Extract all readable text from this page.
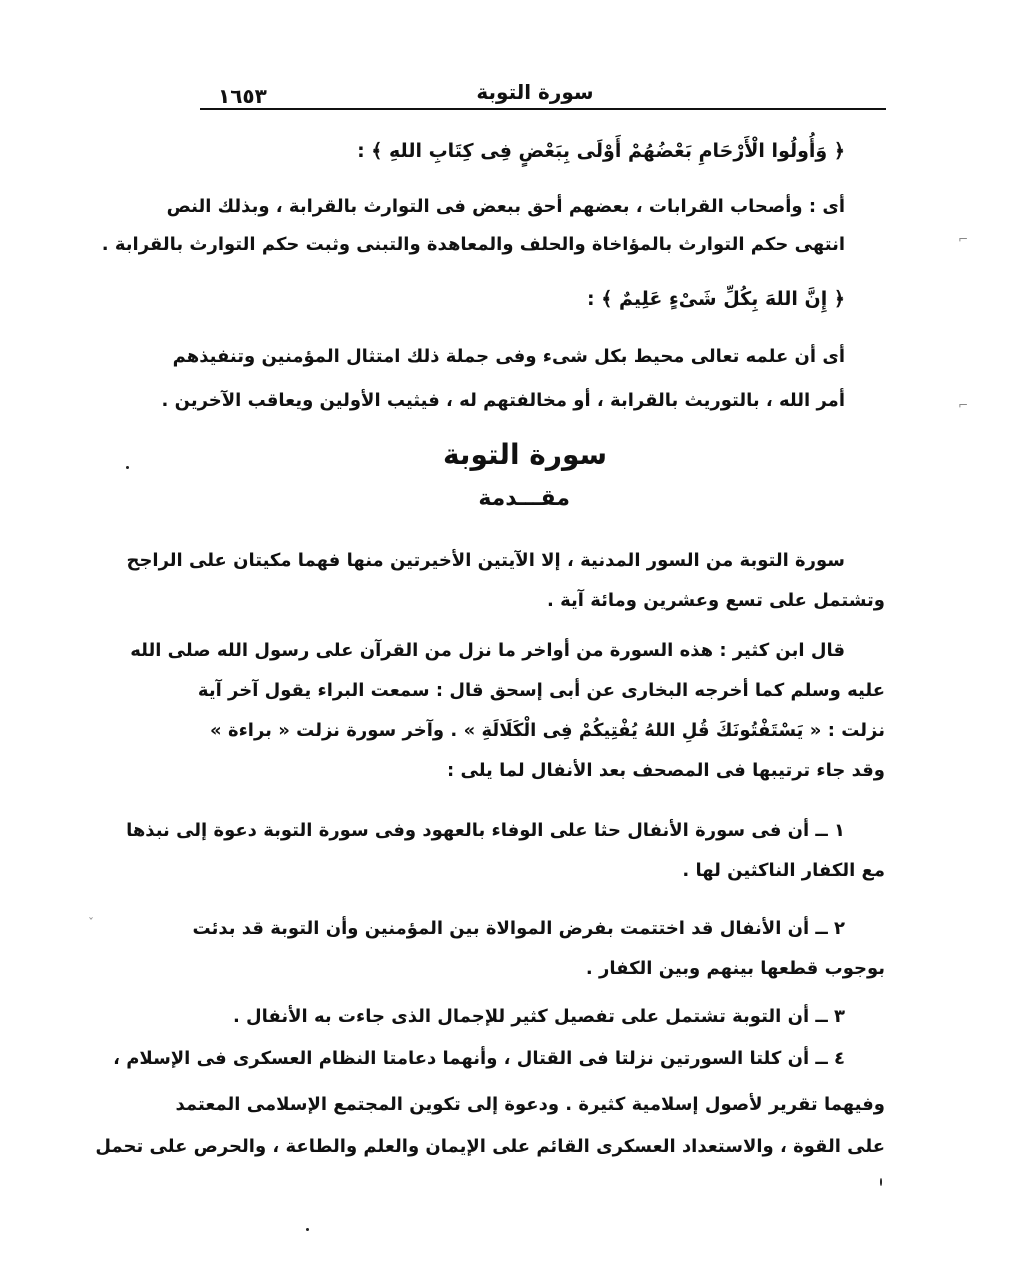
١٦٥٣	سورة التوبة
﴿ وَأُولُوا الْأَرْحَامِ بَعْضُهُمْ أَوْلَى بِبَعْضٍ فِى كِتَابِ اللهِ ﴾ :
أى : وأصحاب القرابات ، بعضهم أحق ببعض فى التوارث بالقرابة ، وبذلك النص
انتهى حكم التوارث بالمؤاخاة والحلف والمعاهدة والتبنى وثبت حكم التوارث بالقرابة .
﴿ إِنَّ اللهَ بِكُلِّ شَىْءٍ عَلِيمٌ ﴾ :
أى أن علمه تعالى محيط بكل شىء وفى جملة ذلك امتثال المؤمنين وتنفيذهم
أمر الله ، بالتوريث بالقرابة ، أو مخالفتهم له ، فيثيب الأولين ويعاقب الآخرين .
سورة التوبة
مقـــدمة
سورة التوبة من السور المدنية ، إلا الآيتين الأخيرتين منها فهما مكيتان على الراجح
وتشتمل على تسع وعشرين ومائة آية .
قال ابن كثير : هذه السورة من أواخر ما نزل من القرآن على رسول الله صلى الله
عليه وسلم كما أخرجه البخارى عن أبى إسحق قال : سمعت البراء يقول آخر آية
نزلت : « يَسْتَفْتُونَكَ قُلِ اللهُ يُفْتِيكُمْ فِى الْكَلَالَةِ » . وآخر سورة نزلت « براءة »
وقد جاء ترتيبها فى المصحف بعد الأنفال لما يلى :
١ ــ أن فى سورة الأنفال حثا على الوفاء بالعهود وفى سورة التوبة دعوة إلى نبذها
مع الكفار الناكثين لها .
٢ ــ أن الأنفال قد اختتمت بفرض الموالاة بين المؤمنين وأن التوبة قد بدئت
بوجوب قطعها بينهم وبين الكفار .
٣ ــ أن التوبة تشتمل على تفصيل كثير للإجمال الذى جاءت به الأنفال .
٤ ــ أن كلتا السورتين نزلتا فى القتال ، وأنهما دعامتا النظام العسكرى فى الإسلام ،
وفيهما تقرير لأصول إسلامية كثيرة . ودعوة إلى تكوين المجتمع الإسلامى المعتمد
على القوة ، والاستعداد العسكرى القائم على الإيمان والعلم والطاعة ، والحرص على تحمل
⌐
⌐
ˇ
